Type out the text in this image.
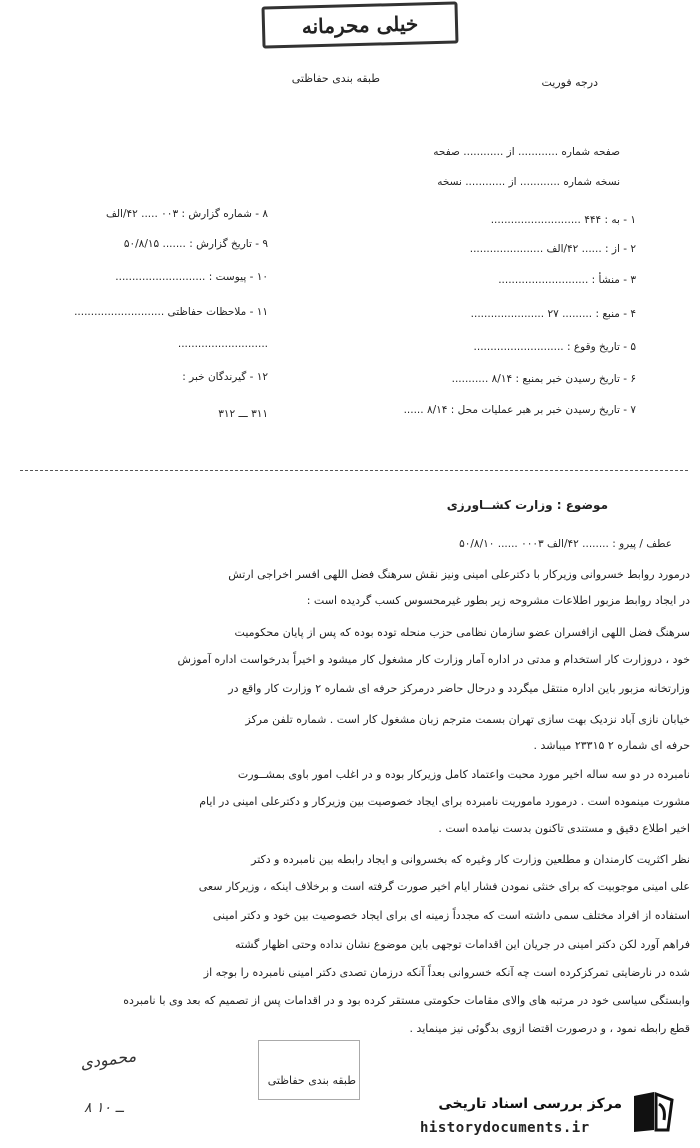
خیلی محرمانه
درجه فوریت
طبقه بندی حفاظتی
صفحه شماره ............ از ............ صفحه
نسخه شماره ............ از ............ نسخه
۱ - به : ۴۴۴ ...........................
۲ - از : ...... ۴۲/الف ......................
۳ - منشأ : ...........................
۴ - منبع : ......... ۲۷ ......................
۵ - تاریخ وقوع : ...........................
۶ - تاریخ رسیدن خبر بمنبع : ۸/۱۴ ...........
۷ - تاریخ رسیدن خبر بر هبر عملیات محل : ۸/۱۴ ......
۸ - شماره گزارش : ۰۰۳ ..... ۴۲/الف
۹ - تاریخ گزارش : ....... ۵۰/۸/۱۵
۱۰ - پیوست : ...........................
۱۱ - ملاحظات حفاظتی ...........................
...........................
۱۲ - گیرندگان خبر :
۳۱۱ ـــ ۳۱۲
موضوع : وزارت کشــاورزی
عطف / پیرو : ........ ۴۲/الف ۰۰۰۳ ...... ۵۰/۸/۱۰
درمورد روابط خسروانی وزیرکار با دکترعلی امینی ونیز نقش سرهنگ فضل اللهی افسر اخراجی ارتش
در ایجاد روابط مزبور اطلاعات مشروحه زیر بطور غیرمحسوس کسب گردیده است :
سرهنگ فضل اللهی ازافسران عضو سازمان نظامی حزب منحله توده بوده که پس از پایان محکومیت
خود ، دروزارت کار استخدام و مدتی در اداره آمار وزارت کار مشغول کار میشود و اخیراً بدرخواست اداره آموزش
وزارتخانه مزبور باین اداره منتقل میگردد و درحال حاضر درمرکز حرفه ای شماره ۲ وزارت کار واقع در
خیابان نازی آباد نزدیک بهت سازی تهران بسمت مترجم زبان مشغول کار است . شماره تلفن مرکز
حرفه ای شماره ۲ ۲۳۳۱۵ میباشد .
نامبرده در دو سه ساله اخیر مورد محبت واعتماد کامل وزیرکار بوده و در اغلب امور باوی بمشــورت
مشورت مینموده است . درمورد ماموریت نامبرده برای ایجاد خصوصیت بین وزیرکار و دکترعلی امینی در ایام
اخیر اطلاع دقیق و مستندی تاکنون بدست نیامده است .
نظر اکثریت کارمندان و مطلعین وزارت کار وغیره که بخسروانی و ایجاد رابطه بین نامبرده و دکتر
علی امینی موجوبیت که برای خنثی نمودن فشار ایام اخیر صورت گرفته است و برخلاف اینکه ، وزیرکار سعی
استفاده از افراد مختلف سمی داشته است که مجدداً زمینه ای برای ایجاد خصوصیت بین خود و دکتر امینی
فراهم آورد لکن دکتر امینی در جریان این اقدامات توجهی باین موضوع نشان نداده وحتی اظهار گشته
شده در نارضایتی تمرکزکرده است چه آنکه خسروانی بعداً آنکه درزمان تصدی دکتر امینی نامبرده را بوجه از
وابستگی سیاسی خود در مرتبه های والای مقامات حکومتی مستقر کرده بود و در اقدامات پس از تصمیم که بعد وی با نامبرده
قطع رابطه نمود ، و درصورت اقتضا ازوی بدگوئی نیز مینماید .
طبقه بندی حفاظتی
محمودی
۸ ــ ۱۰	مرکز بررسی اسناد تاریخی
historydocuments.ir
